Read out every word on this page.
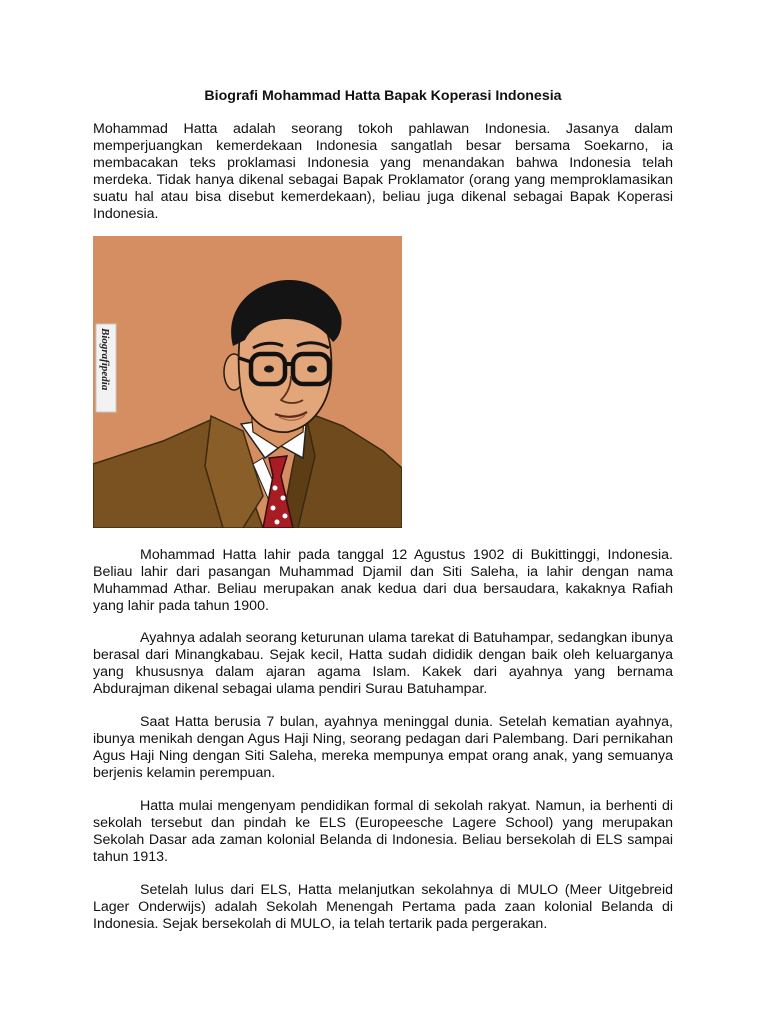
Biografi Mohammad Hatta Bapak Koperasi Indonesia

Mohammad Hatta adalah seorang tokoh pahlawan Indonesia. Jasanya dalam memperjuangkan kemerdekaan Indonesia sangatlah besar bersama Soekarno, ia membacakan teks proklamasi Indonesia yang menandakan bahwa Indonesia telah merdeka. Tidak hanya dikenal sebagai Bapak Proklamator (orang yang memproklamasikan suatu hal atau bisa disebut kemerdekaan), beliau juga dikenal sebagai Bapak Koperasi Indonesia.

Biografipedia

Mohammad Hatta lahir pada tanggal 12 Agustus 1902 di Bukittinggi, Indonesia. Beliau lahir dari pasangan Muhammad Djamil dan Siti Saleha, ia lahir dengan nama Muhammad Athar. Beliau merupakan anak kedua dari dua bersaudara, kakaknya Rafiah yang lahir pada tahun 1900.

Ayahnya adalah seorang keturunan ulama tarekat di Batuhampar, sedangkan ibunya berasal dari Minangkabau. Sejak kecil, Hatta sudah dididik dengan baik oleh keluarganya yang khususnya dalam ajaran agama Islam. Kakek dari ayahnya yang bernama Abdurajman dikenal sebagai ulama pendiri Surau Batuhampar.

Saat Hatta berusia 7 bulan, ayahnya meninggal dunia. Setelah kematian ayahnya, ibunya menikah dengan Agus Haji Ning, seorang pedagan dari Palembang. Dari pernikahan Agus Haji Ning dengan Siti Saleha, mereka mempunya empat orang anak, yang semuanya berjenis kelamin perempuan.

Hatta mulai mengenyam pendidikan formal di sekolah rakyat. Namun, ia berhenti di sekolah tersebut dan pindah ke ELS (Europeesche Lagere School) yang merupakan Sekolah Dasar ada zaman kolonial Belanda di Indonesia. Beliau bersekolah di ELS sampai tahun 1913.

Setelah lulus dari ELS, Hatta melanjutkan sekolahnya di MULO (Meer Uitgebreid Lager Onderwijs) adalah Sekolah Menengah Pertama pada zaan kolonial Belanda di Indonesia. Sejak bersekolah di MULO, ia telah tertarik pada pergerakan.
